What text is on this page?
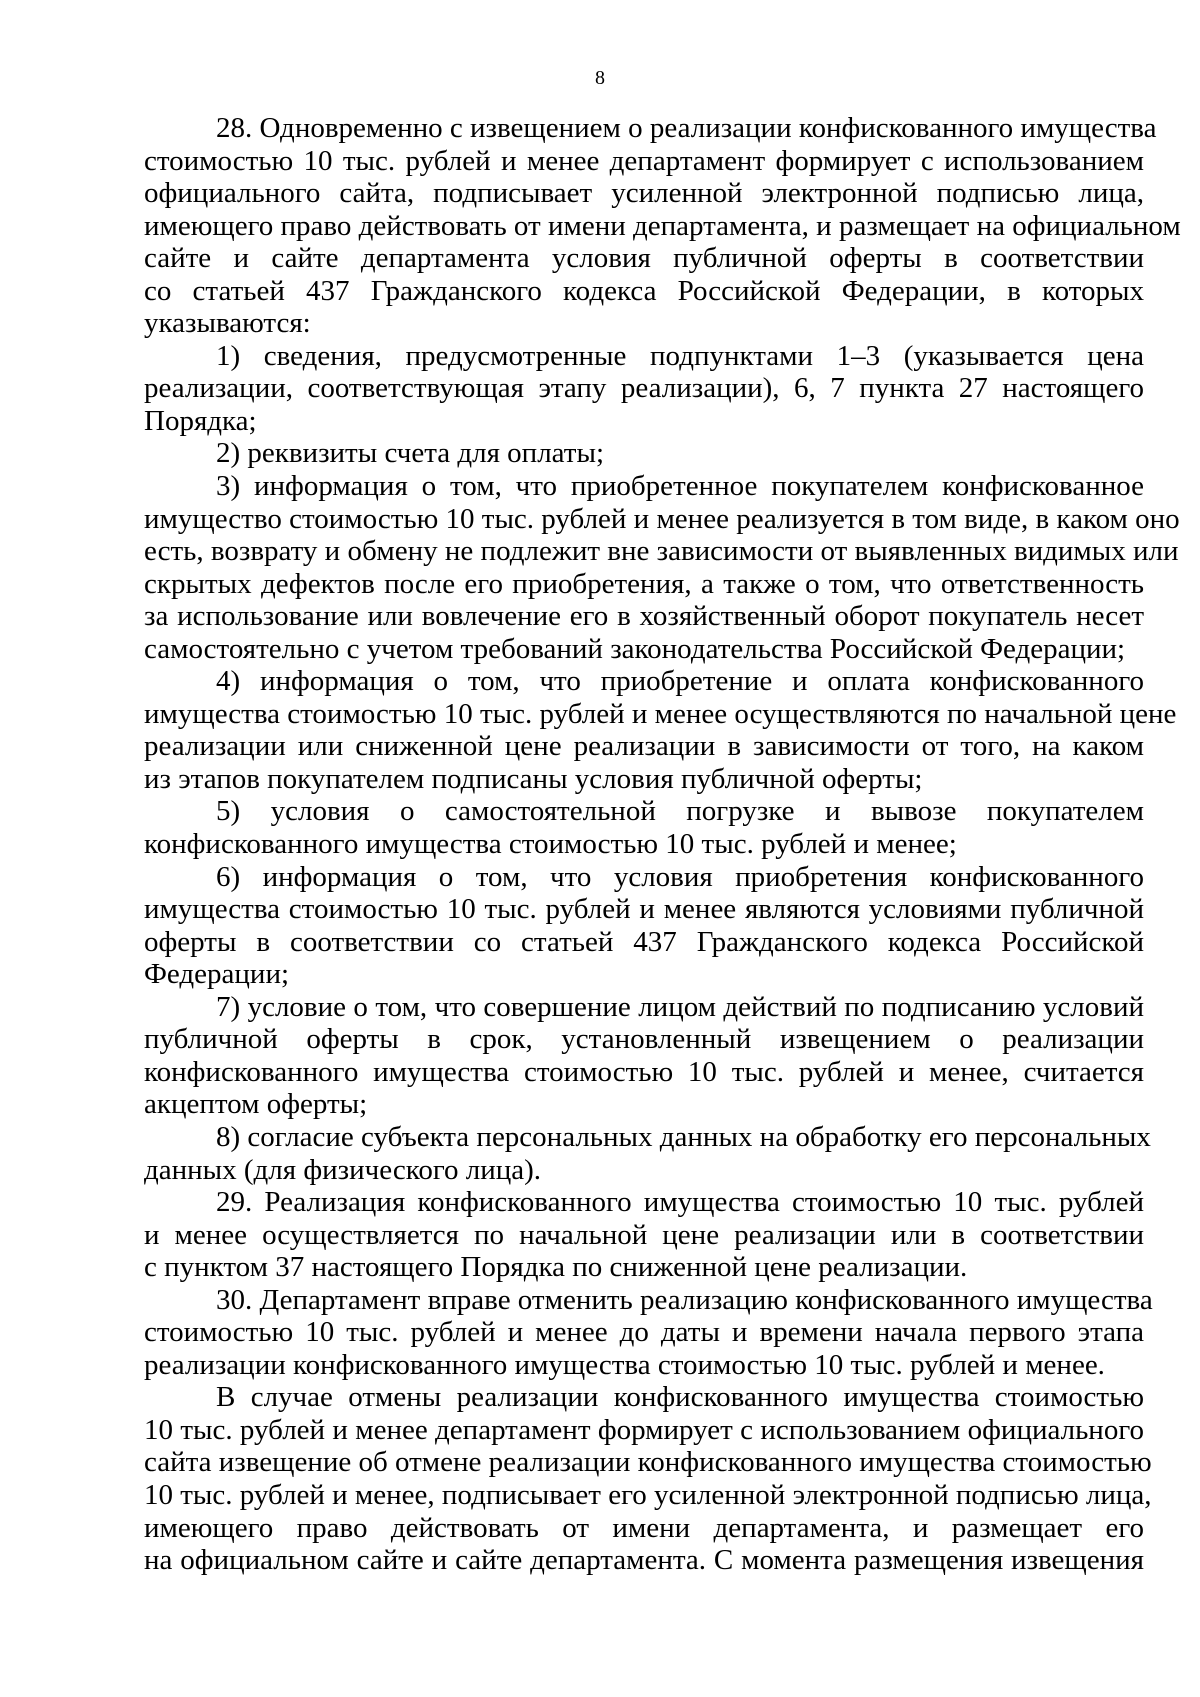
8
28. Одновременно с извещением о реализации конфискованного имущества
стоимостью 10 тыс. рублей и менее департамент формирует с использованием
официального сайта, подписывает усиленной электронной подписью лица,
имеющего право действовать от имени департамента, и размещает на официальном
сайте и сайте департамента условия публичной оферты в соответствии
со статьей 437 Гражданского кодекса Российской Федерации, в которых
указываются:
1) сведения, предусмотренные подпунктами 1–3 (указывается цена
реализации, соответствующая этапу реализации), 6, 7 пункта 27 настоящего
Порядка;
2) реквизиты счета для оплаты;
3) информация о том, что приобретенное покупателем конфискованное
имущество стоимостью 10 тыс. рублей и менее реализуется в том виде, в каком оно
есть, возврату и обмену не подлежит вне зависимости от выявленных видимых или
скрытых дефектов после его приобретения, а также о том, что ответственность
за использование или вовлечение его в хозяйственный оборот покупатель несет
самостоятельно с учетом требований законодательства Российской Федерации;
4) информация о том, что приобретение и оплата конфискованного
имущества стоимостью 10 тыс. рублей и менее осуществляются по начальной цене
реализации или сниженной цене реализации в зависимости от того, на каком
из этапов покупателем подписаны условия публичной оферты;
5) условия о самостоятельной погрузке и вывозе покупателем
конфискованного имущества стоимостью 10 тыс. рублей и менее;
6) информация о том, что условия приобретения конфискованного
имущества стоимостью 10 тыс. рублей и менее являются условиями публичной
оферты в соответствии со статьей 437 Гражданского кодекса Российской
Федерации;
7) условие о том, что совершение лицом действий по подписанию условий
публичной оферты в срок, установленный извещением о реализации
конфискованного имущества стоимостью 10 тыс. рублей и менее, считается
акцептом оферты;
8) согласие субъекта персональных данных на обработку его персональных
данных (для физического лица).
29. Реализация конфискованного имущества стоимостью 10 тыс. рублей
и менее осуществляется по начальной цене реализации или в соответствии
с пунктом 37 настоящего Порядка по сниженной цене реализации.
30. Департамент вправе отменить реализацию конфискованного имущества
стоимостью 10 тыс. рублей и менее до даты и времени начала первого этапа
реализации конфискованного имущества стоимостью 10 тыс. рублей и менее.
В случае отмены реализации конфискованного имущества стоимостью
10 тыс. рублей и менее департамент формирует с использованием официального
сайта извещение об отмене реализации конфискованного имущества стоимостью
10 тыс. рублей и менее, подписывает его усиленной электронной подписью лица,
имеющего право действовать от имени департамента, и размещает его
на официальном сайте и сайте департамента. С момента размещения извещения
